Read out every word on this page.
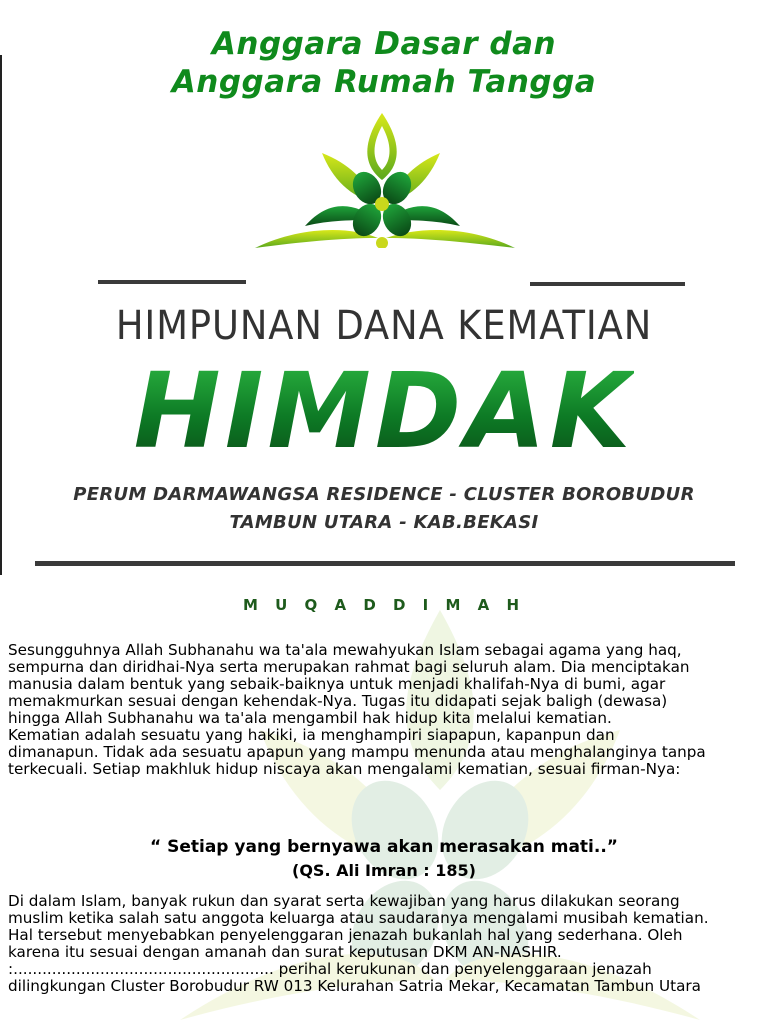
Anggara Dasar dan
Anggara Rumah Tangga
HIMPUNAN DANA KEMATIAN
HIMDAK
PERUM DARMAWANGSA RESIDENCE - CLUSTER BOROBUDUR
TAMBUN UTARA - KAB.BEKASI
M U Q A D D I M A H
Sesungguhnya Allah Subhanahu wa ta'ala mewahyukan Islam sebagai agama yang haq,
sempurna dan diridhai-Nya serta merupakan rahmat bagi seluruh alam. Dia menciptakan
manusia dalam bentuk yang sebaik-baiknya untuk menjadi khalifah-Nya di bumi, agar
memakmurkan sesuai dengan kehendak-Nya. Tugas itu didapati sejak baligh (dewasa)
hingga Allah Subhanahu wa ta'ala mengambil hak hidup kita melalui kematian.
Kematian adalah sesuatu yang hakiki, ia menghampiri siapapun, kapanpun dan
dimanapun. Tidak ada sesuatu apapun yang mampu menunda atau menghalanginya tanpa
terkecuali. Setiap makhluk hidup niscaya akan mengalami kematian, sesuai firman-Nya:
“ Setiap yang bernyawa akan merasakan mati..”
(QS. Ali Imran : 185)
Di dalam Islam, banyak rukun dan syarat serta kewajiban yang harus dilakukan seorang
muslim ketika salah satu anggota keluarga atau saudaranya mengalami musibah kematian.
Hal tersebut menyebabkan penyelenggaran jenazah bukanlah hal yang sederhana. Oleh
karena itu sesuai dengan amanah dan surat keputusan DKM AN-NASHIR.
:...................................................... perihal kerukunan dan penyelenggaraan jenazah
dilingkungan Cluster Borobudur RW 013 Kelurahan Satria Mekar, Kecamatan Tambun Utara
